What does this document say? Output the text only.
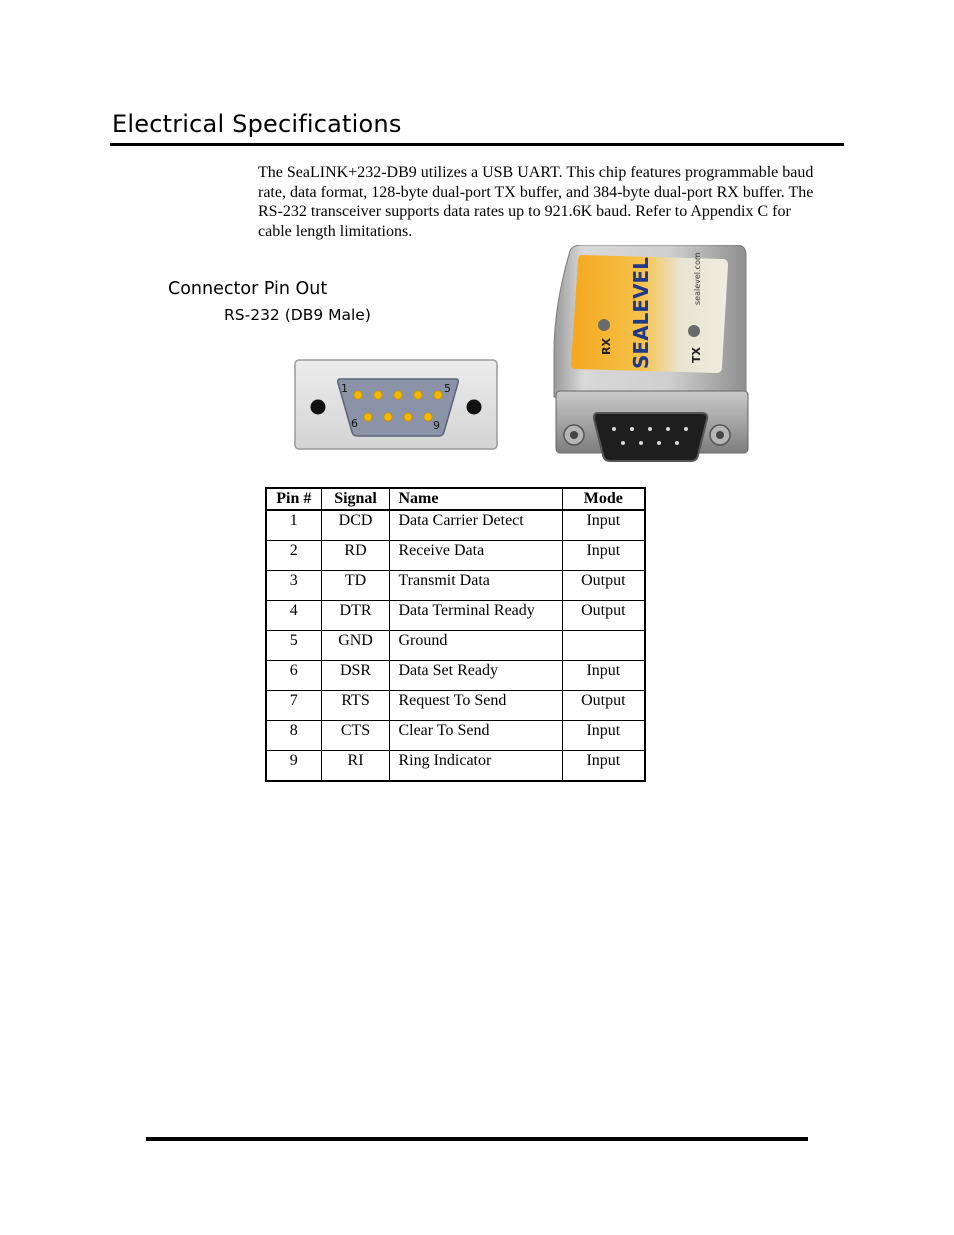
Electrical Specifications

The SeaLINK+232-DB9 utilizes a USB UART. This chip features programmable baud rate, data format, 128-byte dual-port TX buffer, and 384-byte dual-port RX buffer. The RS-232 transceiver supports data rates up to 921.6K baud. Refer to Appendix C for cable length limitations.

Connector Pin Out
RS-232 (DB9 Male)
1	5
6	9
RX
TX
SEALEVEL	sealevel.com
Pin #	Signal	Name	Mode
1	DCD	Data Carrier Detect	Input
2	RD	Receive Data	Input
3	TD	Transmit Data	Output
4	DTR	Data Terminal Ready	Output
5	GND	Ground	
6	DSR	Data Set Ready	Input
7	RTS	Request To Send	Output
8	CTS	Clear To Send	Input
9	RI	Ring Indicator	Input
